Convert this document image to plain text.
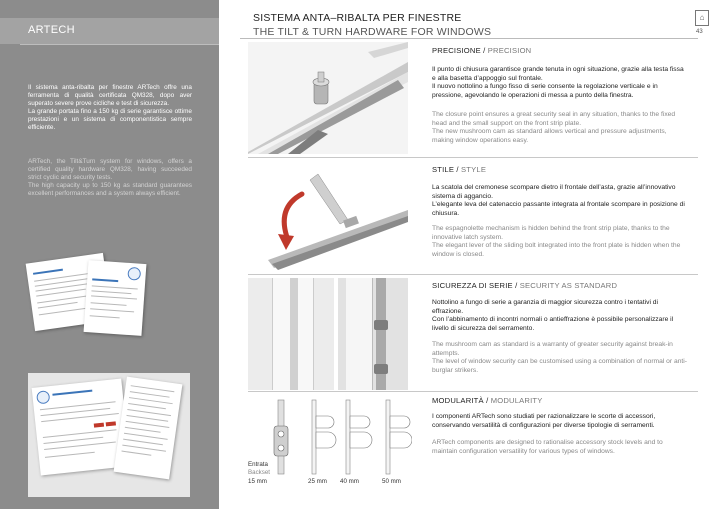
ARTECH
Il sistema anta-ribalta per finestre ARTech offre una ferramenta di qualità certificata QM328, dopo aver superato severe prove cicliche e test di sicurezza.
La grande portata fino a 150 kg di serie garantisce ottime prestazioni e un sistema di componentistica sempre efficiente.
ARTech, the Tilt&Turn system for windows, offers a certified quality hardware QM328, having succeeded strict cyclic and security tests.
The high capacity up to 150 kg as standard guarantees excellent performances and a system always efficient.
SISTEMA ANTA–RIBALTA PER FINESTRE
THE TILT & TURN HARDWARE FOR WINDOWS
⌂
43
Entrata
Backset
15 mm	25 mm 40 mm	50 mm
PRECISIONE / PRECISION
Il punto di chiusura garantisce grande tenuta in ogni situazione, grazie alla testa fissa e alla basetta d’appoggio sul frontale.
Il nuovo nottolino a fungo fisso di serie consente la regolazione verticale e in pressione, agevolando le operazioni di messa a punto della finestra.
The closure point ensures a great security seal in any situation, thanks to the fixed head and the small support on the front strip plate.
The new mushroom cam as standard allows vertical and pressure adjustments, making window operations easy.
STILE / STYLE
La scatola del cremonese scompare dietro il frontale dell’asta, grazie all’innovativo sistema di aggancio.
L’elegante leva del catenaccio passante integrata al frontale scompare in posizione di chiusura.
The espagnolette mechanism is hidden behind the front strip plate, thanks to the innovative latch system.
The elegant lever of the sliding bolt integrated into the front plate is hidden when the window is closed.
SICUREZZA DI SERIE / SECURITY AS STANDARD
Nottolino a fungo di serie a garanzia di maggior sicurezza contro i tentativi di effrazione.
Con l’abbinamento di incontri normali o antieffrazione è possibile personalizzare il livello di sicurezza del serramento.
The mushroom cam as standard is a warranty of greater security against break-in attempts.
The level of window security can be customised using a combination of normal or anti-burglar strikers.
MODULARITÀ / MODULARITY
I componenti ARTech sono studiati per razionalizzare le scorte di accessori, conservando versatilità di configurazioni per diverse tipologie di serramenti.
ARTech components are designed to rationalise accessory stock levels and to maintain configuration versatility for various types of windows.
